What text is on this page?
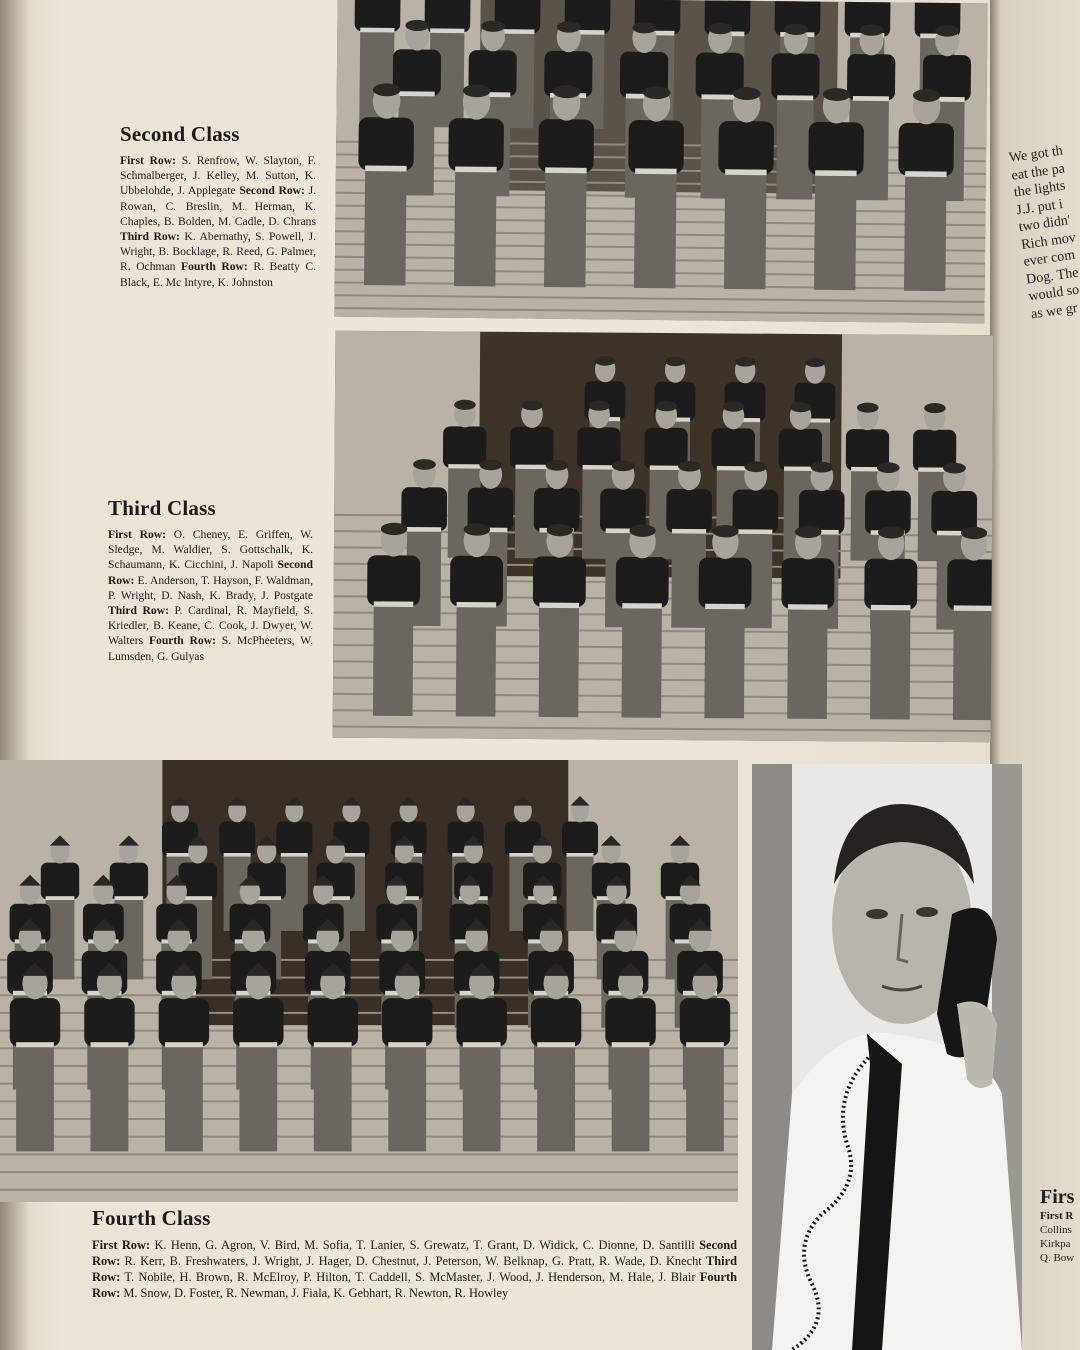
Second Class

First Row: S. Renfrow, W. Slayton, F. Schmalberger, J. Kelley, M. Sutton, K. Ubbelohde, J. Applegate Second Row: J. Rowan, C. Breslin, M. Herman, K. Chaples, B. Bolden, M. Cadle, D. Chrans Third Row: K. Abernathy, S. Powell, J. Wright, B. Bocklage, R. Reed, G. Palmer, R. Ochman Fourth Row: R. Beatty C. Black, E. Mc Intyre, K. Johnston

Third Class

First Row: O. Cheney, E. Griffen, W. Sledge, M. Waldier, S. Gottschalk, K. Schaumann, K. Cicchini, J. Napoli Second Row: E. Anderson, T. Hayson, F. Waldman, P. Wright, D. Nash, K. Brady, J. Postgate Third Row: P. Cardinal, R. Mayfield, S. Kriedler, B. Keane, C. Cook, J. Dwyer, W. Walters Fourth Row: S. McPheeters, W. Lumsden, G. Gulyas

Fourth Class

First Row: K. Henn, G. Agron, V. Bird, M. Sofia, T. Lanier, S. Grewatz, T. Grant, D. Widick, C. Dionne, D. Santilli Second Row: R. Kerr, B. Freshwaters, J. Wright, J. Hager, D. Chestnut, J. Peterson, W. Belknap, G. Pratt, R. Wade, D. Knecht Third Row: T. Nobile, H. Brown, R. McElroy, P. Hilton, T. Caddell, S. McMaster, J. Wood, J. Henderson, M. Hale, J. Blair Fourth Row: M. Snow, D. Foster, R. Newman, J. Fiala, K. Gebhart, R. Newton, R. Howley

We got th
eat the pa
the lights
J.J. put i
two didn'
Rich mov
ever com
Dog. The
would so
as we gr
Firs
First R
Collins
Kirkpa
Q. Bow
